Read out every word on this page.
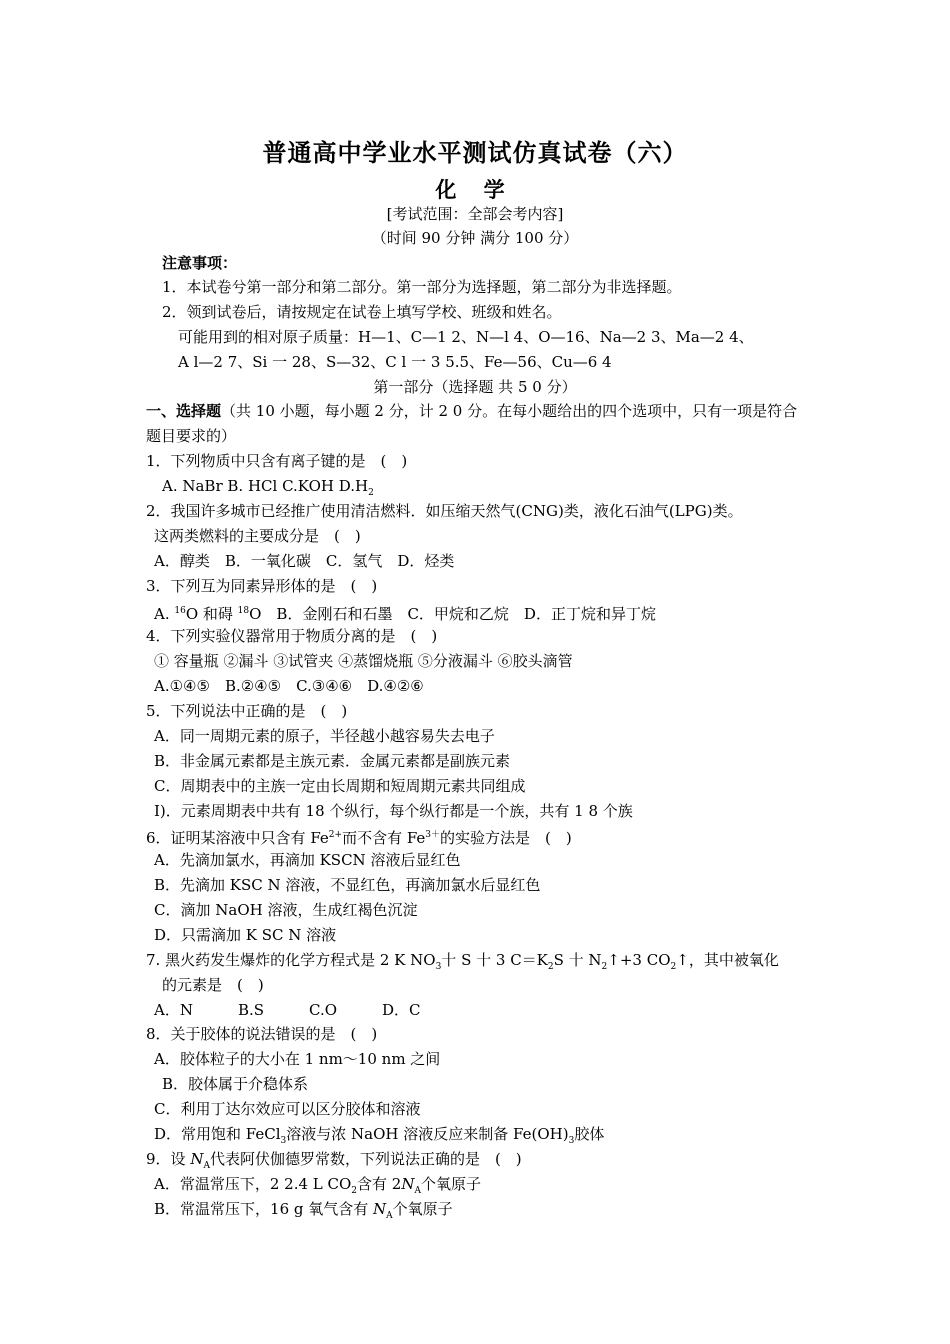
普通高中学业水平测试仿真试卷（六）
化 学
[考试范围：全部会考内容]
（时间 90 分钟 满分 100 分）
注意事项：
1．本试卷兮第一部分和第二部分。第一部分为选择题，第二部分为非选择题。
2．领到试卷后，请按规定在试卷上填写学校、班级和姓名。
可能用到的相对原子质量：H—1、C—1 2、N—l 4、O—16、Na—2 3、Ma—2 4、
A l—2 7、Si 一 28、S—32、C l 一 3 5.5、Fe—56、Cu—6 4
第一部分（选择题 共 5 0 分）
一、选择题（共 10 小题，每小题 2 分，计 2 0 分。在每小题给出的四个选项中，只有一项是符合
题目要求的）
1．下列物质中只含有离子键的是　(　)
A. NaBr B. HCl C.KOH $D.H_2$
2．我国许多城市已经推广使用清洁燃料．如压缩天然气(CNG)类，液化石油气(LPG)类。
这两类燃料的主要成分是　(　)
A．醇类　B．一氧化碳　C．氢气　D．烃类
3．下列互为同素异形体的是　(　)
A. $^{16}$O 和碍 $^{18}$O　B．金刚石和石墨　C．甲烷和乙烷　D．正丁烷和异丁烷
4．下列实验仪器常用于物质分离的是　(　)
① 容量瓶 ②漏斗 ③试管夹 ④蒸馏烧瓶 ⑤分液漏斗 ⑥胶头滴管
A.①④⑤　B.②④⑤　C.③④⑥　D.④②⑥
5．下列说法中正确的是　(　)
A．同一周期元素的原子，半径越小越容易失去电子
B．非金属元素都是主族元素．金属元素都是副族元素
C．周期表中的主族一定由长周期和短周期元素共同组成
I)．元素周期表中共有 18 个纵行，每个纵行都是一个族，共有 1 8 个族
6．证明某溶液中只含有 $Fe^{2+}$而不含有 $Fe^{3+}$的实验方法是　(　)
A．先滴加氯水，再滴加 KSCN 溶液后显红色
B．先滴加 KSC N 溶液，不显红色，再滴加氯水后显红色
C．滴加 NaOH 溶液，生成红褐色沉淀
D．只需滴加 K SC N 溶液
7. 黑火药发生爆炸的化学方程式是 2 K $NO_3$十 S 十 3 $C=K_2S$ 十 $N_2↑+3$ $CO_2↑$，其中被氧化
的元素是　(　)
A．N　　　B.S　　　C.O　　　D．C
8．关于胶体的说法错误的是　(　)
A．胶体粒子的大小在 1 nm～10 nm 之间
B．胶体属于介稳体系
C．利用丁达尔效应可以区分胶体和溶液
D．常用饱和 FeCl$_3$溶液与浓 NaOH 溶液反应来制备 $Fe(OH)_3$胶体
9．设 $N_A$代表阿伏伽德罗常数，下列说法正确的是　(　)
A．常温常压下，2 2.4 L $CO_2$含有 $2N_A$个氧原子
B．常温常压下，16 g 氧气含有 $N_A$个氧原子
